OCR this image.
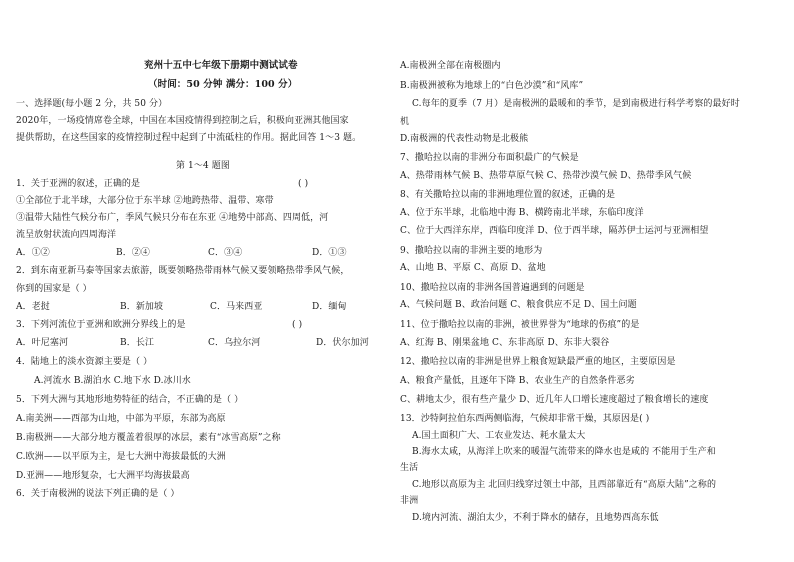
兖州十五中七年级下册期中测试试卷
（时间：50 分钟 满分：100 分）
一、选择题(每小题 2 分，共 50 分）
2020年，一场疫情席卷全球，中国在本国疫情得到控制之后，积极向亚洲其他国家
提供帮助，在这些国家的疫情控制过程中起到了中流砥柱的作用。据此回答 1～3 题。
第 1～4 题图
1．关于亚洲的叙述，正确的是	( )
①全部位于北半球，大部分位于东半球 ②地跨热带、温带、寒带
③温带大陆性气候分布广，季风气候只分布在东亚 ④地势中部高、四周低，河
流呈放射状流向四周海洋
A．①②	B．②④	C．③④	D．①③
2．到东南亚新马泰等国家去旅游，既要领略热带雨林气候又要领略热带季风气候，
你到的国家是（ ）
A．老挝	B．新加坡	C．马来西亚	D．缅甸
3．下列河流位于亚洲和欧洲分界线上的是	( )
A．叶尼塞河	B．长江	C．乌拉尔河	D．伏尔加河
4．陆地上的淡水资源主要是（ ）
A.河流水 B.湖泊水 C.地下水 D.冰川水
5．下列大洲与其地形地势特征的结合，不正确的是（ ）
A.南美洲——西部为山地，中部为平原，东部为高原
B.南极洲——大部分地方覆盖着很厚的冰层，素有“冰雪高原”之称
C.欧洲——以平原为主，是七大洲中海拔最低的大洲
D.亚洲——地形复杂，七大洲平均海拔最高
6．关于南极洲的说法下列正确的是（ ）
A.南极洲全部在南极圈内
B.南极洲被称为地球上的“白色沙漠”和“风库”
C.每年的夏季（7 月）是南极洲的最暖和的季节，是到南极进行科学考察的最好时
机
D.南极洲的代表性动物是北极熊
7、撒哈拉以南的非洲分布面积最广的气候是
A、热带雨林气候 B、热带草原气候 C、热带沙漠气候 D、热带季风气候
8、有关撒哈拉以南的非洲地理位置的叙述，正确的是
A、位于东半球，北临地中海 B、横跨南北半球，东临印度洋
C、位于大西洋东岸，西临印度洋 D、位于西半球，隔苏伊士运河与亚洲相望
9、撒哈拉以南的非洲主要的地形为
A、山地 B、平原 C、高原 D、盆地
10、撒哈拉以南的非洲各国普遍遇到的问题是
A、气候问题 B、政治问题 C、粮食供应不足 D、国土问题
11、位于撒哈拉以南的非洲，被世界誉为“地球的伤痕”的是
A、红海 B、刚果盆地 C、东非高原 D、东非大裂谷
12、撒哈拉以南的非洲是世界上粮食短缺最严重的地区，主要原因是
A、粮食产量低，且逐年下降 B、农业生产的自然条件恶劣
C、耕地太少，很有些产量少 D、近几年人口增长速度超过了粮食增长的速度
13．沙特阿拉伯东西两侧临海，气候却非常干燥，其原因是( )
A.国土面积广大、工农业发达、耗水量太大
B.海水太咸，从海洋上吹来的暖湿气流带来的降水也是咸的 不能用于生产和
生活
C.地形以高原为主 北回归线穿过领土中部，且西部靠近有“高原大陆”之称的
非洲
D.境内河流、湖泊太少，不利于降水的储存，且地势西高东低
